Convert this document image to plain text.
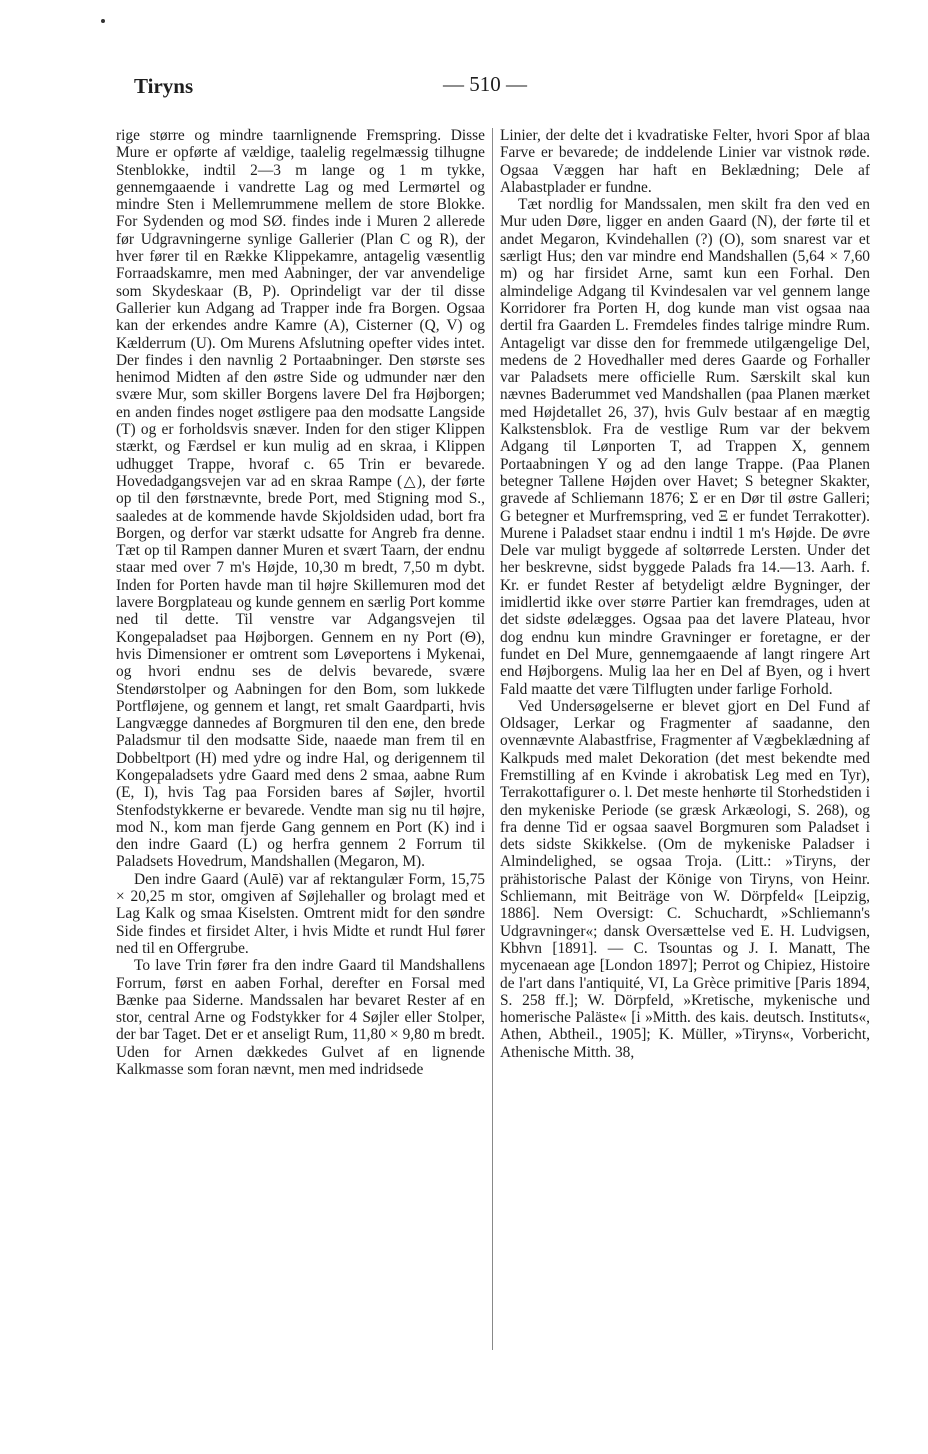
Tiryns	— 510 —

rige større og mindre taarnlignende Fremspring. Disse Mure er opførte af vældige, taalelig regelmæssig tilhugne Stenblokke, indtil 2—3 m lange og 1 m tykke, gennemgaaende i vandrette Lag og med Lermørtel og mindre Sten i Mellemrummene mellem de store Blokke. For Sydenden og mod SØ. findes inde i Muren 2 allerede før Udgravningerne synlige Gallerier (Plan C og R), der hver fører til en Række Klippekamre, antagelig væsentlig Forraadskamre, men med Aabninger, der var anvendelige som Skydeskaar (B, P). Oprindeligt var der til disse Gallerier kun Adgang ad Trapper inde fra Borgen. Ogsaa kan der erkendes andre Kamre (A), Cisterner (Q, V) og Kælderrum (U). Om Murens Afslutning opefter vides intet. Der findes i den navnlig 2 Portaabninger. Den største ses henimod Midten af den østre Side og udmunder nær den svære Mur, som skiller Borgens lavere Del fra Højborgen; en anden findes noget østligere paa den modsatte Langside (T) og er forholdsvis snæver. Inden for den stiger Klippen stærkt, og Færdsel er kun mulig ad en skraa, i Klippen udhugget Trappe, hvoraf c. 65 Trin er bevarede. Hovedadgangsvejen var ad en skraa Rampe (△), der førte op til den førstnævnte, brede Port, med Stigning mod S., saaledes at de kommende havde Skjoldsiden udad, bort fra Borgen, og derfor var stærkt udsatte for Angreb fra denne. Tæt op til Rampen danner Muren et svært Taarn, der endnu staar med over 7 m's Højde, 10,30 m bredt, 7,50 m dybt. Inden for Porten havde man til højre Skillemuren mod det lavere Borgplateau og kunde gennem en særlig Port komme ned til dette. Til venstre var Adgangsvejen til Kongepaladset paa Højborgen. Gennem en ny Port (Θ), hvis Dimensioner er omtrent som Løveportens i Mykenai, og hvori endnu ses de delvis bevarede, svære Stendørstolper og Aabningen for den Bom, som lukkede Portfløjene, og gennem et langt, ret smalt Gaardparti, hvis Langvægge dannedes af Borgmuren til den ene, den brede Paladsmur til den modsatte Side, naaede man frem til en Dobbeltport (H) med ydre og indre Hal, og derigennem til Kongepaladsets ydre Gaard med dens 2 smaa, aabne Rum (E, I), hvis Tag paa Forsiden bares af Søjler, hvortil Stenfodstykkerne er bevarede. Vendte man sig nu til højre, mod N., kom man fjerde Gang gennem en Port (K) ind i den indre Gaard (L) og herfra gennem 2 Forrum til Paladsets Hovedrum, Mandshallen (Megaron, M).

Den indre Gaard (Aulē) var af rektangulær Form, 15,75 × 20,25 m stor, omgiven af Søjlehaller og brolagt med et Lag Kalk og smaa Kiselsten. Omtrent midt for den søndre Side findes et firsidet Alter, i hvis Midte et rundt Hul fører ned til en Offergrube.

To lave Trin fører fra den indre Gaard til Mandshallens Forrum, først en aaben Forhal, derefter en Forsal med Bænke paa Siderne. Mandssalen har bevaret Rester af en stor, central Arne og Fodstykker for 4 Søjler eller Stolper, der bar Taget. Det er et anseligt Rum, 11,80 × 9,80 m bredt. Uden for Arnen dækkedes Gulvet af en lignende Kalkmasse som foran nævnt, men med indridsede

Linier, der delte det i kvadratiske Felter, hvori Spor af blaa Farve er bevarede; de inddelende Linier var vistnok røde. Ogsaa Væggen har haft en Beklædning; Dele af Alabastplader er fundne.

Tæt nordlig for Mandssalen, men skilt fra den ved en Mur uden Døre, ligger en anden Gaard (N), der førte til et andet Megaron, Kvindehallen (?) (O), som snarest var et særligt Hus; den var mindre end Mandshallen (5,64 × 7,60 m) og har firsidet Arne, samt kun een Forhal. Den almindelige Adgang til Kvindesalen var vel gennem lange Korridorer fra Porten H, dog kunde man vist ogsaa naa dertil fra Gaarden L. Fremdeles findes talrige mindre Rum. Antageligt var disse den for fremmede utilgængelige Del, medens de 2 Hovedhaller med deres Gaarde og Forhaller var Paladsets mere officielle Rum. Særskilt skal kun nævnes Baderummet ved Mandshallen (paa Planen mærket med Højdetallet 26, 37), hvis Gulv bestaar af en mægtig Kalkstensblok. Fra de vestlige Rum var der bekvem Adgang til Lønporten T, ad Trappen X, gennem Portaabningen Y og ad den lange Trappe. (Paa Planen betegner Tallene Højden over Havet; S betegner Skakter, gravede af Schliemann 1876; Σ er en Dør til østre Galleri; G betegner et Murfremspring, ved Ξ er fundet Terrakotter). Murene i Paladset staar endnu i indtil 1 m's Højde. De øvre Dele var muligt byggede af soltørrede Lersten. Under det her beskrevne, sidst byggede Palads fra 14.—13. Aarh. f. Kr. er fundet Rester af betydeligt ældre Bygninger, der imidlertid ikke over større Partier kan fremdrages, uden at det sidste ødelægges. Ogsaa paa det lavere Plateau, hvor dog endnu kun mindre Gravninger er foretagne, er der fundet en Del Mure, gennemgaaende af langt ringere Art end Højborgens. Mulig laa her en Del af Byen, og i hvert Fald maatte det være Tilflugten under farlige Forhold.

Ved Undersøgelserne er blevet gjort en Del Fund af Oldsager, Lerkar og Fragmenter af saadanne, den ovennævnte Alabastfrise, Fragmenter af Vægbeklædning af Kalkpuds med malet Dekoration (det mest bekendte med Fremstilling af en Kvinde i akrobatisk Leg med en Tyr), Terrakottafigurer o. l. Det meste henhørte til Storhedstiden i den mykeniske Periode (se græsk Arkæologi, S. 268), og fra denne Tid er ogsaa saavel Borgmuren som Paladset i dets sidste Skikkelse. (Om de mykeniske Paladser i Almindelighed, se ogsaa Troja. (Litt.: »Tiryns, der prähistorische Palast der Könige von Tiryns, von Heinr. Schliemann, mit Beiträge von W. Dörpfeld« [Leipzig, 1886]. Nem Oversigt: C. Schuchardt, »Schliemann's Udgravninger«; dansk Oversættelse ved E. H. Ludvigsen, Kbhvn [1891]. — C. Tsountas og J. I. Manatt, The mycenaean age [London 1897]; Perrot og Chipiez, Histoire de l'art dans l'antiquité, VI, La Grèce primitive [Paris 1894, S. 258 ff.]; W. Dörpfeld, »Kretische, mykenische und homerische Paläste« [i »Mitth. des kais. deutsch. Instituts«, Athen, Abtheil., 1905]; K. Müller, »Tiryns«, Vorbericht, Athenische Mitth. 38,
